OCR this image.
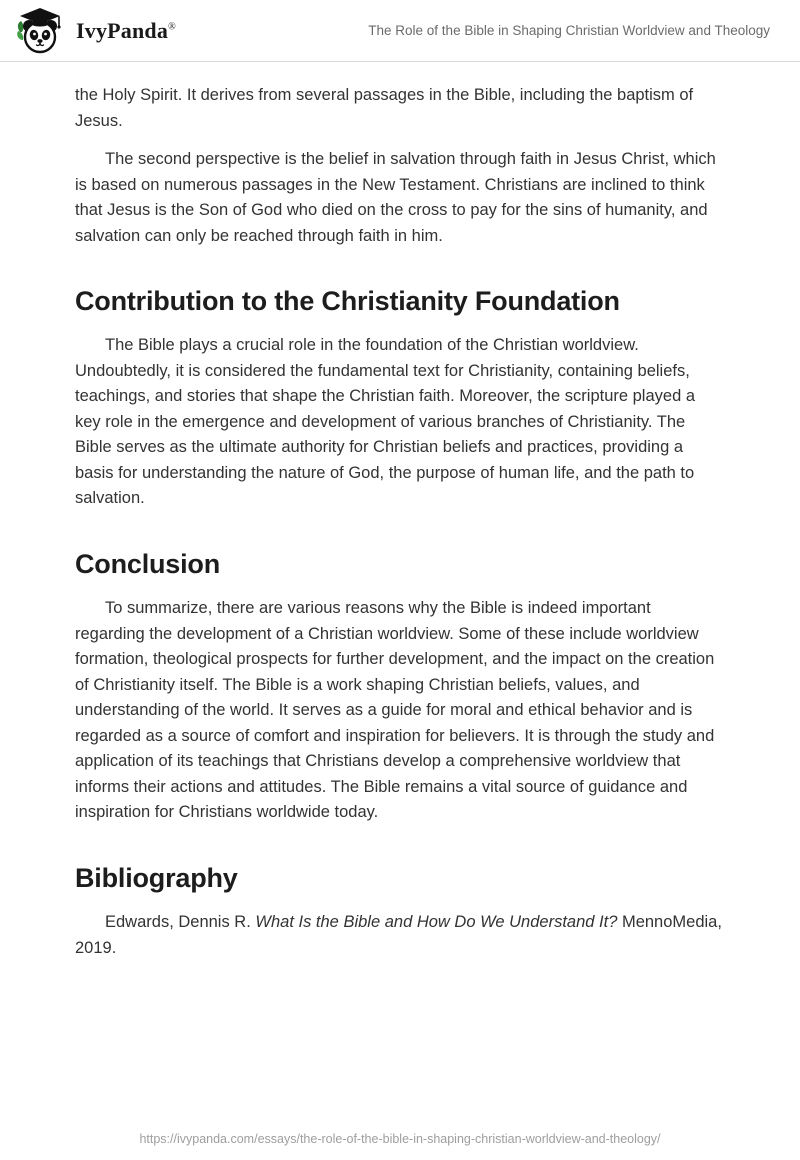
IvyPanda®	The Role of the Bible in Shaping Christian Worldview and Theology

the Holy Spirit. It derives from several passages in the Bible, including the baptism of Jesus.

The second perspective is the belief in salvation through faith in Jesus Christ, which is based on numerous passages in the New Testament. Christians are inclined to think that Jesus is the Son of God who died on the cross to pay for the sins of humanity, and salvation can only be reached through faith in him.

Contribution to the Christianity Foundation

The Bible plays a crucial role in the foundation of the Christian worldview. Undoubtedly, it is considered the fundamental text for Christianity, containing beliefs, teachings, and stories that shape the Christian faith. Moreover, the scripture played a key role in the emergence and development of various branches of Christianity. The Bible serves as the ultimate authority for Christian beliefs and practices, providing a basis for understanding the nature of God, the purpose of human life, and the path to salvation.

Conclusion

To summarize, there are various reasons why the Bible is indeed important regarding the development of a Christian worldview. Some of these include worldview formation, theological prospects for further development, and the impact on the creation of Christianity itself. The Bible is a work shaping Christian beliefs, values, and understanding of the world. It serves as a guide for moral and ethical behavior and is regarded as a source of comfort and inspiration for believers. It is through the study and application of its teachings that Christians develop a comprehensive worldview that informs their actions and attitudes. The Bible remains a vital source of guidance and inspiration for Christians worldwide today.

Bibliography

Edwards, Dennis R. What Is the Bible and How Do We Understand It? MennoMedia, 2019.

https://ivypanda.com/essays/the-role-of-the-bible-in-shaping-christian-worldview-and-theology/
